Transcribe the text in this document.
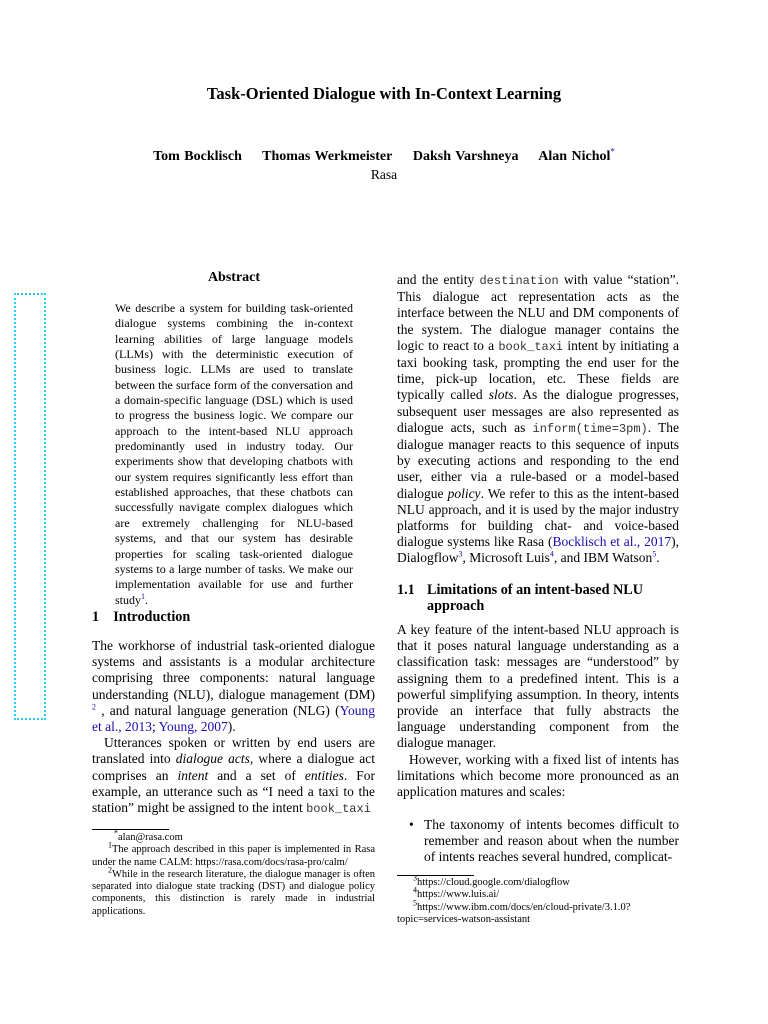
Task-Oriented Dialogue with In-Context Learning
Tom Bocklisch Thomas Werkmeister Daksh Varshneya Alan Nichol*
Rasa
Abstract
We describe a system for building task-oriented dialogue systems combining the in-context learning abilities of large language models (LLMs) with the deterministic execution of business logic. LLMs are used to translate between the surface form of the conversation and a domain-specific language (DSL) which is used to progress the business logic. We compare our approach to the intent-based NLU approach predominantly used in industry today. Our experiments show that developing chatbots with our system requires significantly less effort than established approaches, that these chatbots can successfully navigate complex dialogues which are extremely challenging for NLU-based systems, and that our system has desirable properties for scaling task-oriented dialogue systems to a large number of tasks. We make our implementation available for use and further study$^1$.
1 Introduction

The workhorse of industrial task-oriented dialogue systems and assistants is a modular architecture comprising three components: natural language understanding (NLU), dialogue management (DM) $^2$ , and natural language generation (NLG) (Young et al., 2013; Young, 2007).

Utterances spoken or written by end users are translated into dialogue acts, where a dialogue act comprises an intent and a set of entities. For example, an utterance such as “I need a taxi to the station” might be assigned to the intent book_taxi

*alan@rasa.com
$^1$The approach described in this paper is implemented in Rasa under the name CALM: https://rasa.com/docs/rasa-pro/calm/
$^2$While in the research literature, the dialogue manager is often separated into dialogue state tracking (DST) and dialogue policy components, this distinction is rarely made in industrial applications.

and the entity destination with value “station”. This dialogue act representation acts as the interface between the NLU and DM components of the system. The dialogue manager contains the logic to react to a book_taxi intent by initiating a taxi booking task, prompting the end user for the time, pick-up location, etc. These fields are typically called slots. As the dialogue progresses, subsequent user messages are also represented as dialogue acts, such as inform(time=3pm). The dialogue manager reacts to this sequence of inputs by executing actions and responding to the end user, either via a rule-based or a model-based dialogue policy. We refer to this as the intent-based NLU approach, and it is used by the major industry platforms for building chat- and voice-based dialogue systems like Rasa (Bocklisch et al., 2017), Dialogflow$^3$, Microsoft Luis$^4$, and IBM Watson$^5$.

1.1 Limitations of an intent-based NLU approach

A key feature of the intent-based NLU approach is that it poses natural language understanding as a classification task: messages are “understood” by assigning them to a predefined intent. This is a powerful simplifying assumption. In theory, intents provide an interface that fully abstracts the language understanding component from the dialogue manager.

However, working with a fixed list of intents has limitations which become more pronounced as an application matures and scales:

• The taxonomy of intents becomes difficult to remember and reason about when the number of intents reaches several hundred, complicat-
$^3$https://cloud.google.com/dialogflow
$^4$https://www.luis.ai/
$^5$https://www.ibm.com/docs/en/cloud-private/3.1.0?topic=services-watson-assistant
